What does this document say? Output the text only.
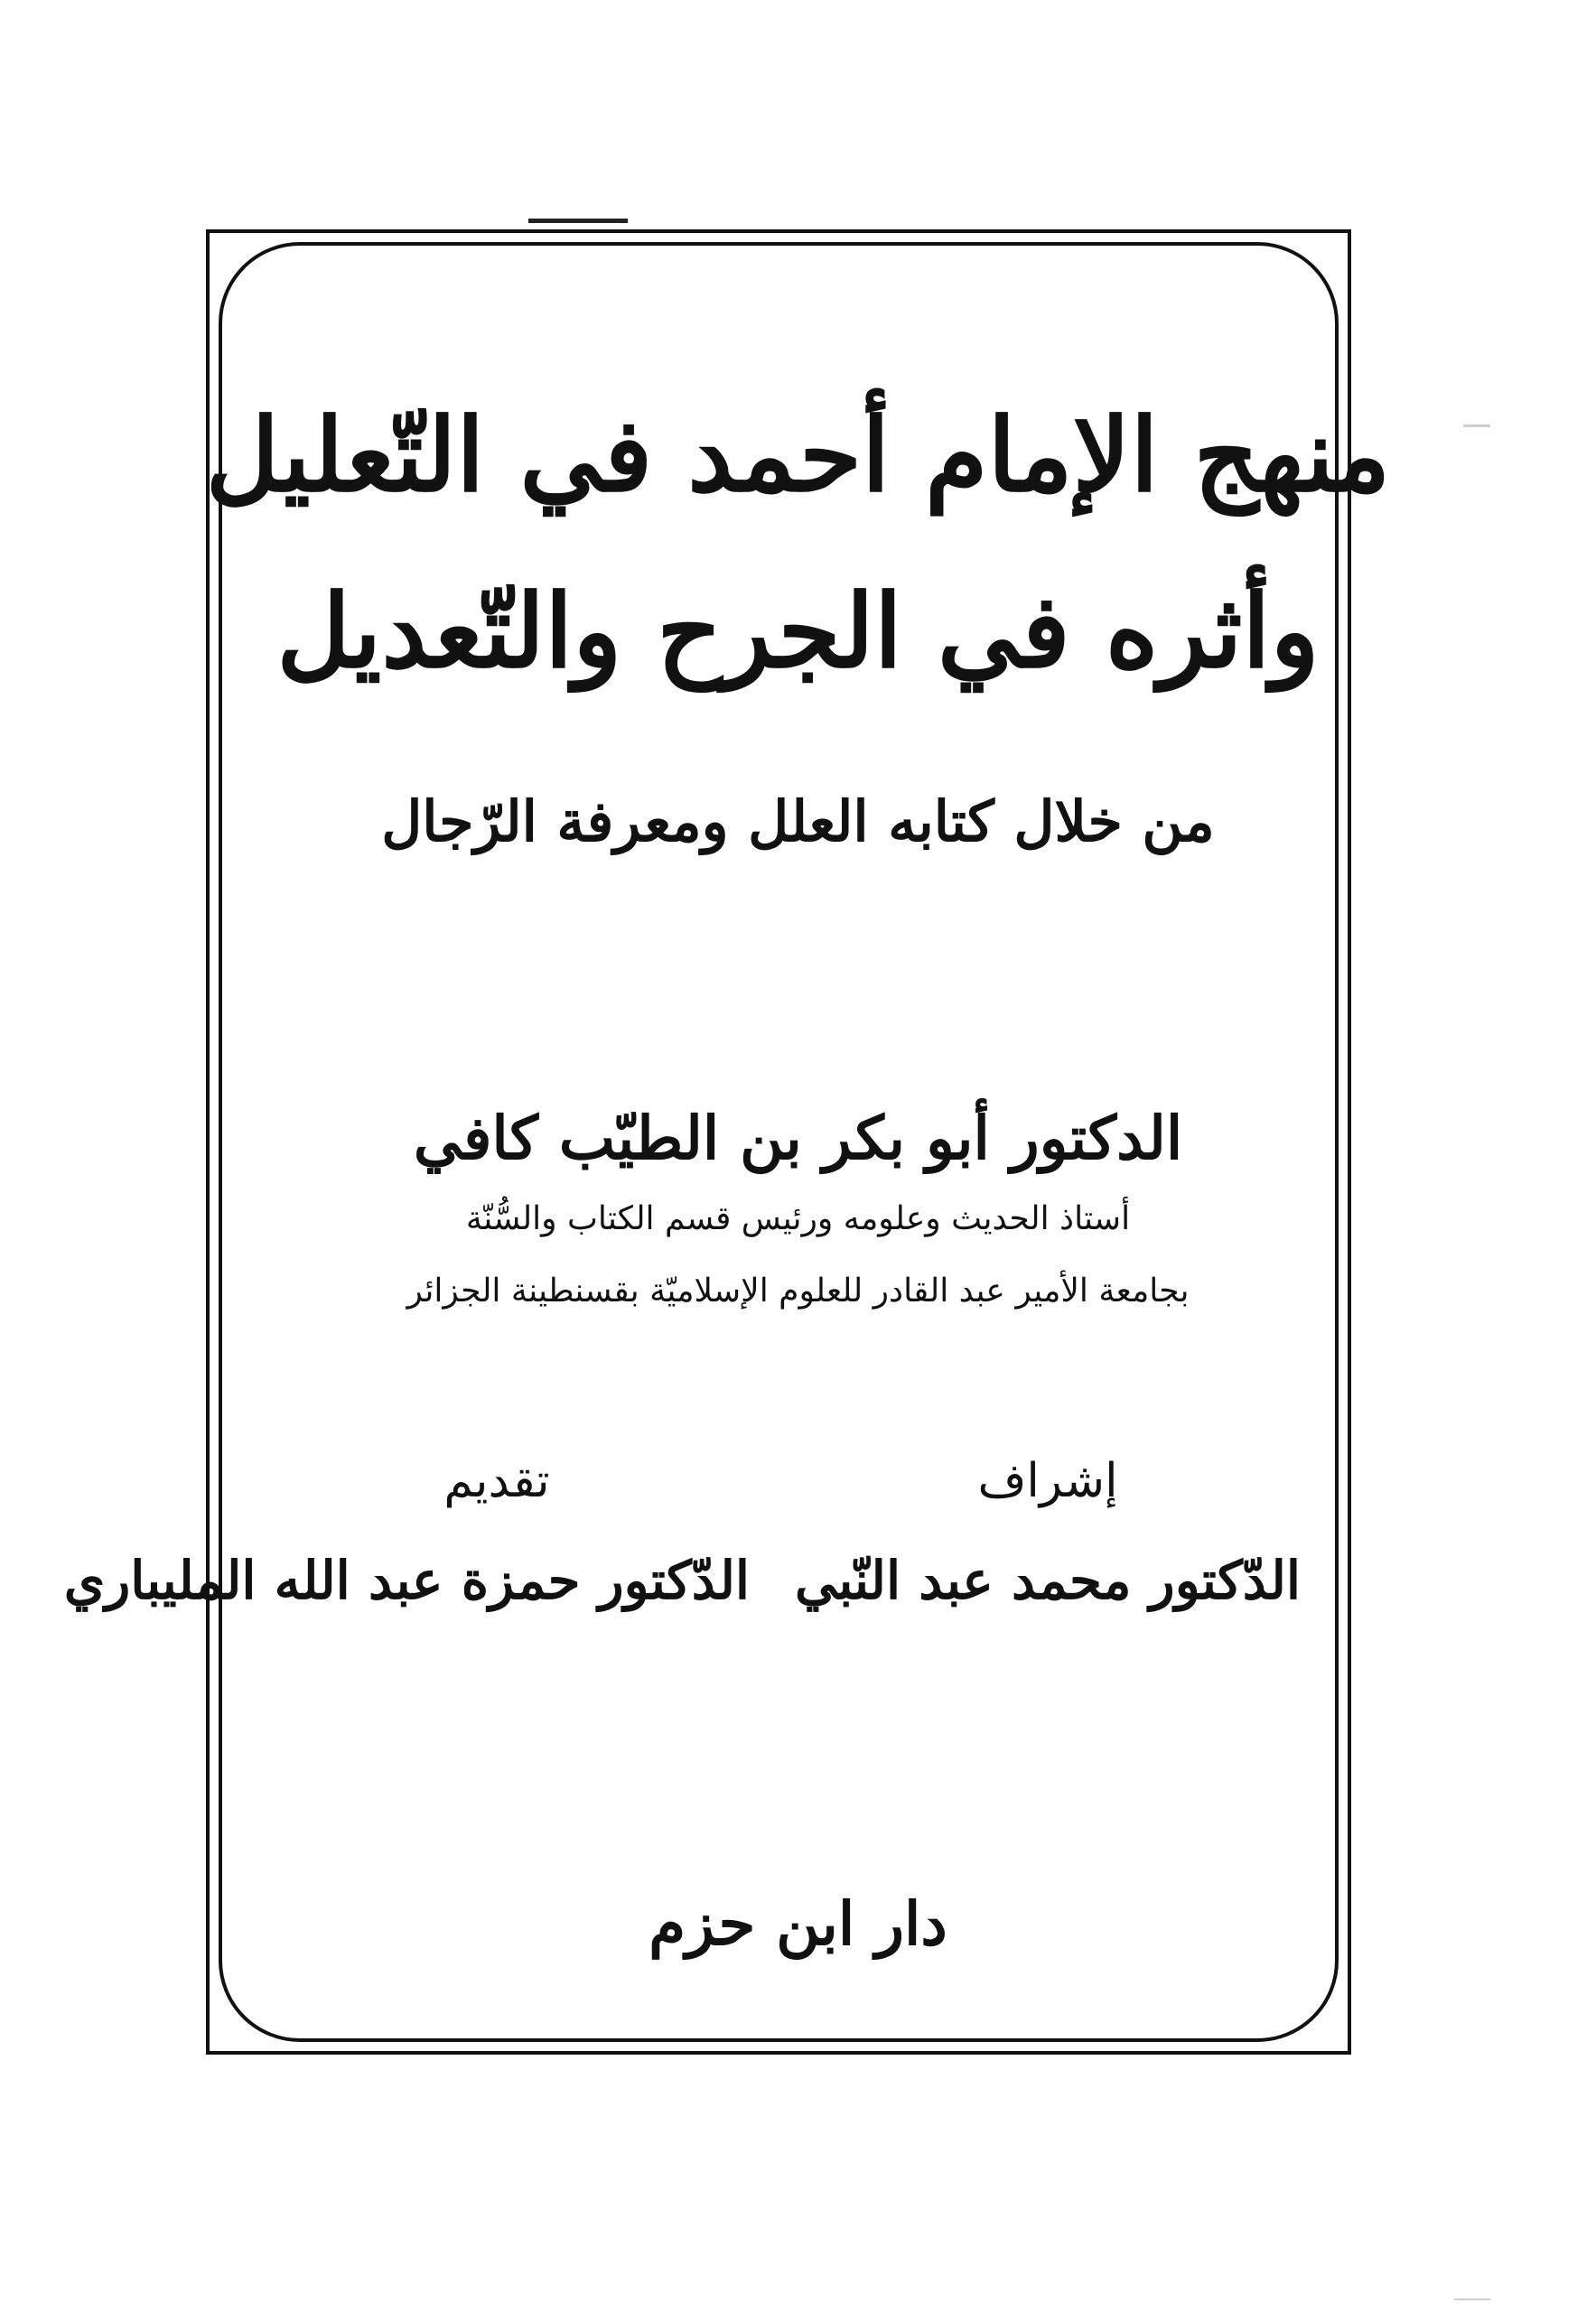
منهج الإمام أحمد في التّعليل
وأثره في الجرح والتّعديل
من خلال كتابه العلل ومعرفة الرّجال
الدكتور أبو بكر بن الطيّب كافي
أستاذ الحديث وعلومه ورئيس قسم الكتاب والسُّنّة
بجامعة الأمير عبد القادر للعلوم الإسلاميّة بقسنطينة الجزائر
إشراف
الدّكتور محمد عبد النّبي
تقديم
الدّكتور حمزة عبد الله المليباري
دار ابن حزم
